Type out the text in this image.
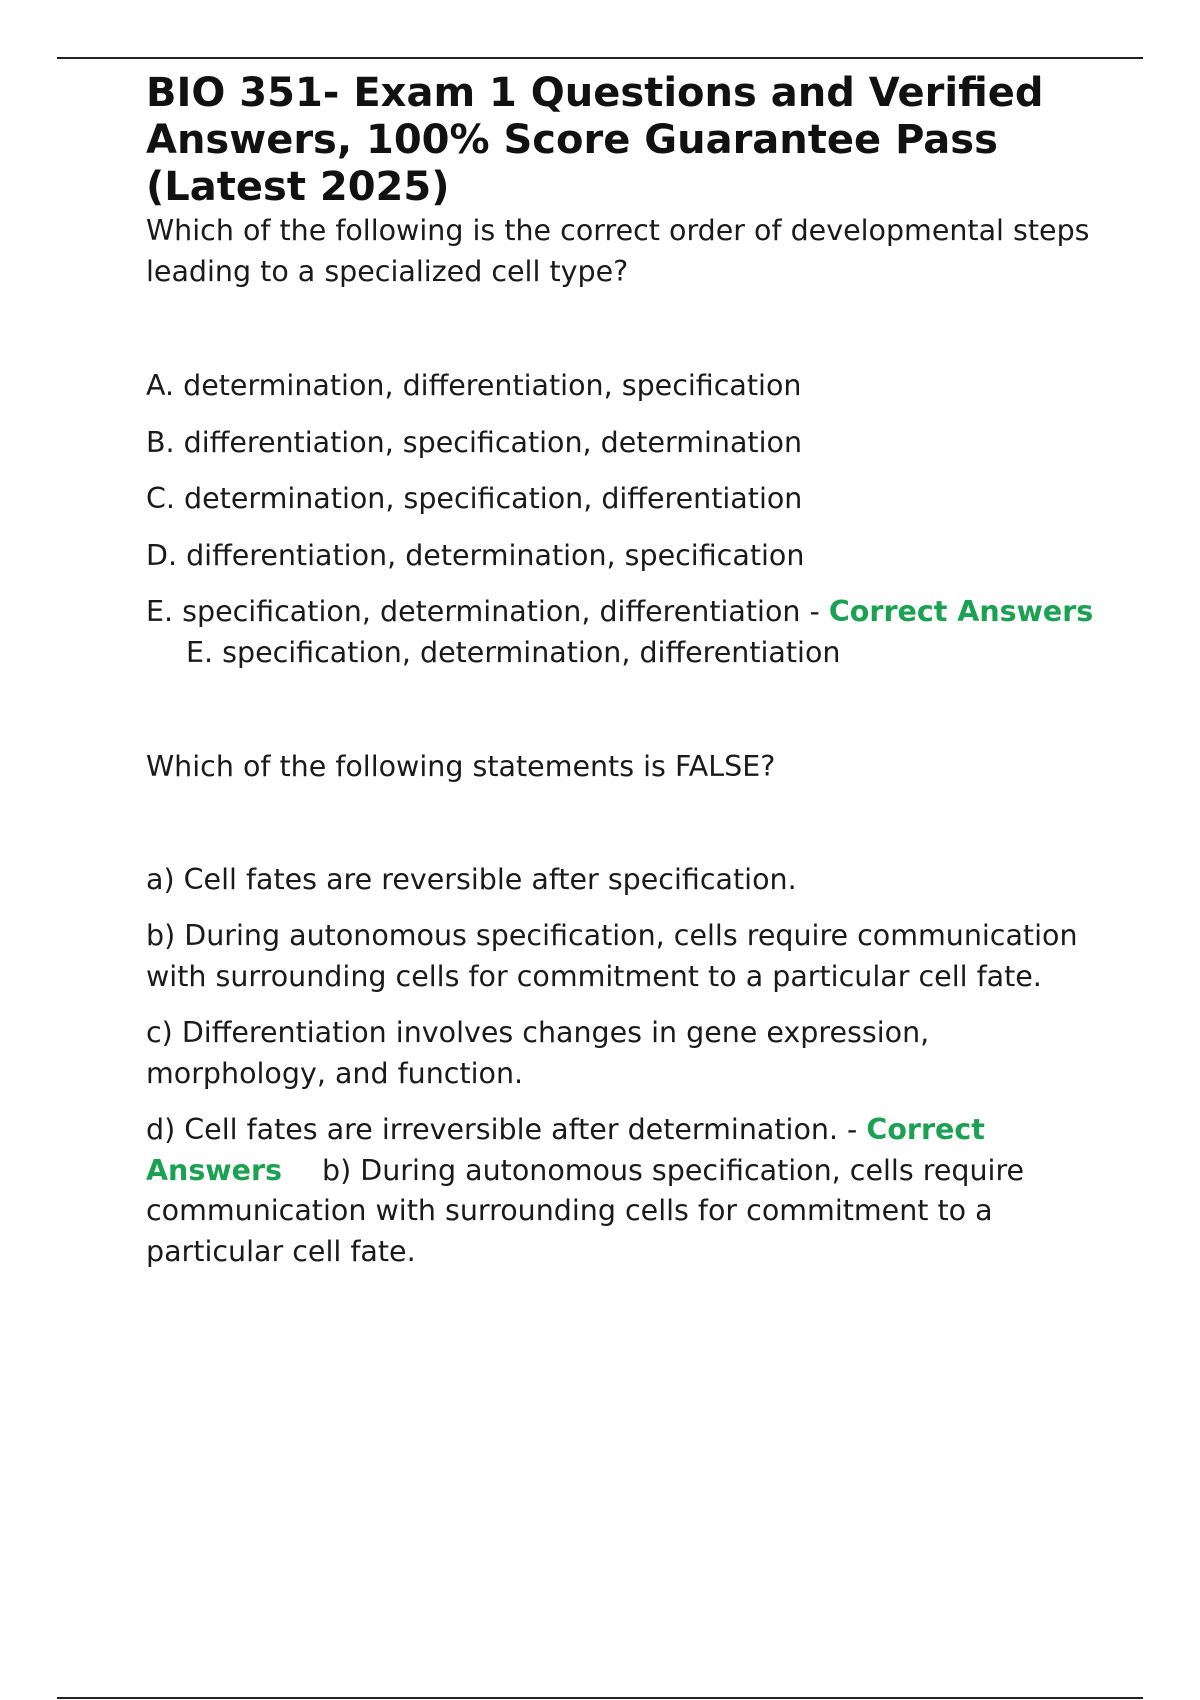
BIO 351- Exam 1 Questions and Verified Answers, 100% Score Guarantee Pass (Latest 2025)

Which of the following is the correct order of developmental steps leading to a specialized cell type?

A. determination, differentiation, specification

B. differentiation, specification, determination

C. determination, specification, differentiation

D. differentiation, determination, specification

E. specification, determination, differentiation - Correct AnswersE. specification, determination, differentiation

Which of the following statements is FALSE?

a) Cell fates are reversible after specification.

b) During autonomous specification, cells require communication with surrounding cells for commitment to a particular cell fate.

c) Differentiation involves changes in gene expression, morphology, and function.

d) Cell fates are irreversible after determination. - Correct Answers b) During autonomous specification, cells require communication with surrounding cells for commitment to a particular cell fate.
